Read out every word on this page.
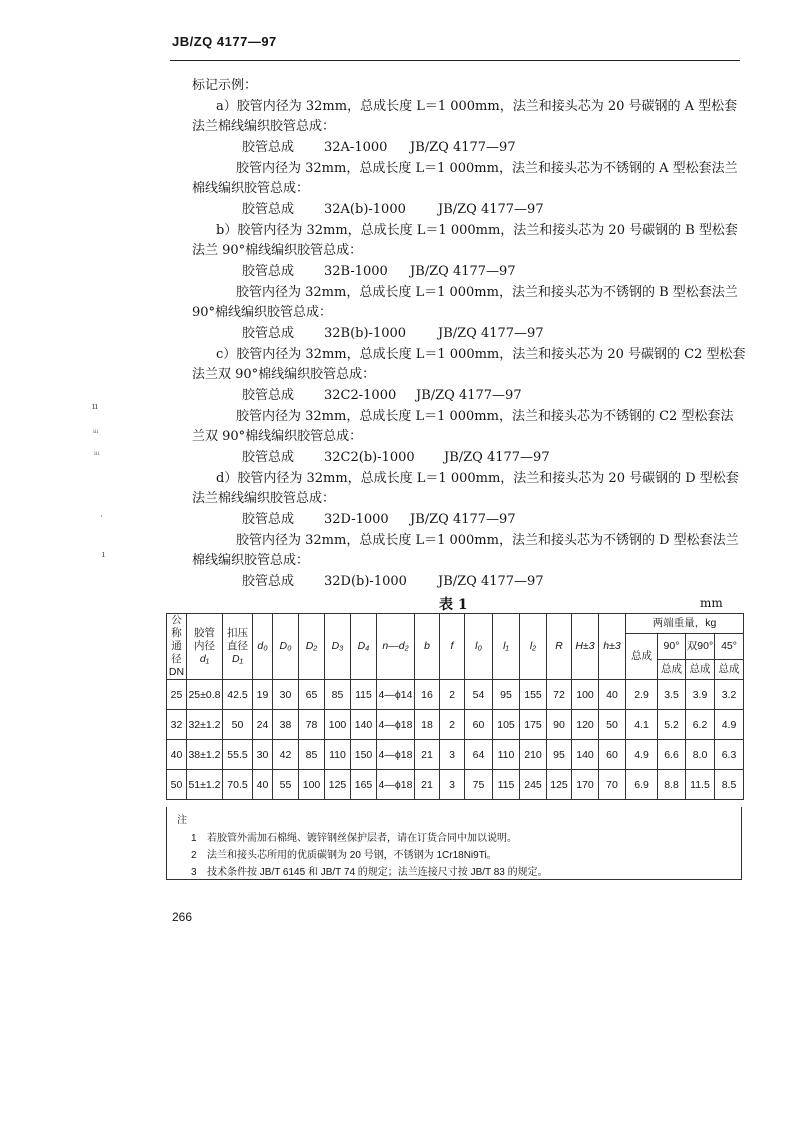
JB/ZQ 4177—97
标记示例：
a）胶管内径为 32mm，总成长度 L＝1 000mm，法兰和接头芯为 20 号碳钢的 A 型松套
法兰棉线编织胶管总成：
胶管总成 32A-1000 JB/ZQ 4177—97
胶管内径为 32mm，总成长度 L＝1 000mm，法兰和接头芯为不锈钢的 A 型松套法兰
棉线编织胶管总成：
胶管总成 32A(b)-1000 JB/ZQ 4177—97
b）胶管内径为 32mm，总成长度 L＝1 000mm，法兰和接头芯为 20 号碳钢的 B 型松套
法兰 90°棉线编织胶管总成：
胶管总成 32B-1000 JB/ZQ 4177—97
胶管内径为 32mm，总成长度 L＝1 000mm，法兰和接头芯为不锈钢的 B 型松套法兰
90°棉线编织胶管总成：
胶管总成 32B(b)-1000 JB/ZQ 4177—97
c）胶管内径为 32mm，总成长度 L＝1 000mm，法兰和接头芯为 20 号碳钢的 C2 型松套
法兰双 90°棉线编织胶管总成：
胶管总成 32C2-1000 JB/ZQ 4177—97
胶管内径为 32mm，总成长度 L＝1 000mm，法兰和接头芯为不锈钢的 C2 型松套法
兰双 90°棉线编织胶管总成：
胶管总成 32C2(b)-1000 JB/ZQ 4177—97
d）胶管内径为 32mm，总成长度 L＝1 000mm，法兰和接头芯为 20 号碳钢的 D 型松套
法兰棉线编织胶管总成：
胶管总成 32D-1000 JB/ZQ 4177—97
胶管内径为 32mm，总成长度 L＝1 000mm，法兰和接头芯为不锈钢的 D 型松套法兰
棉线编织胶管总成：
胶管总成 32D(b)-1000 JB/ZQ 4177—97
表 1	mm
公称
通径
DN	胶管
内径
d₁	扣压
直径
D₁	d₀	D₀	D₂	D₃	D₄	n—d₂	b	f	l₀	l₁	l₂	R	H±3	h±3	两端重量，kg			
																	总成	90°	双90°	45°
																		总成	总成	总成
25	25±0.8	42.5	19	30	65	85	115	4—ϕ14	16	2	54	95	155	72	100	40	2.9	3.5	3.9	3.2
32	32±1.2	50	24	38	78	100	140	4—ϕ18	18	2	60	105	175	90	120	50	4.1	5.2	6.2	4.9
40	38±1.2	55.5	30	42	85	110	150	4—ϕ18	21	3	64	110	210	95	140	60	4.9	6.6	8.0	6.3
50	51±1.2	70.5	40	55	100	125	165	4—ϕ18	21	3	75	115	245	125	170	70	6.9	8.8	11.5	8.5
注
1 若胶管外需加石棉绳、镀锌钢丝保护层者，请在订货合同中加以说明。
2 法兰和接头芯所用的优质碳钢为 20 号钢，不锈钢为 1Cr18Ni9Ti。
3 技术条件按 JB/T 6145 和 JB/T 74 的规定；法兰连接尺寸按 JB/T 83 的规定。
266
ıı
ᵢᵢᵢ
ᵢᵢᵢ
·
ı
